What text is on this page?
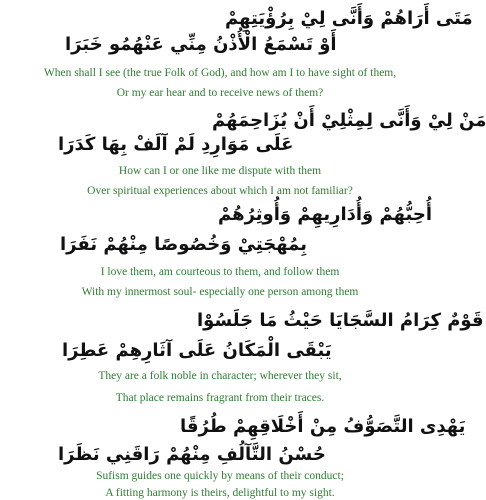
مَتَى أَرَاهُمْ وَأَنَّى لِيْ بِرُؤْيَتِهِمْ
أَوْ تَسْمَعُ الْأُذْنُ مِنِّي عَنْهُمُو خَبَرَا
When shall I see (the true Folk of God), and how am I to have sight of them,
Or my ear hear and to receive news of them?
مَنْ لِيْ وَأَنَّى لِمِثْلِيْ أَنْ يُزَاحِمَهُمْ
عَلَى مَوَارِدِ لَمْ آلَفْ بِهَا كَدَرَا
How can I or one like me dispute with them
Over spiritual experiences about which I am not familiar?
أُحِبُّهُمْ وَأُدَارِيهِمْ وَأُوثِرُهُمْ
بِمُهْجَتِيْ وَخُصُوصًا مِنْهُمْ نَفَرَا
I love them, am courteous to them, and follow them
With my innermost soul- especially one person among them
قَوْمٌ كِرَامُ السَّجَايَا حَيْثُ مَا جَلَسُوْا
يَبْقَى الْمَكَانُ عَلَى آثَارِهِمْ عَطِرَا
They are a folk noble in character; wherever they sit,
That place remains fragrant from their traces.
يَهْدِى التَّصَوُّفُ مِنْ أَخْلَاقِهِمْ طُرُقًا
حُسْنُ التَّآلُفِ مِنْهُمْ رَاقَنِي نَظَرَا
Sufism guides one quickly by means of their conduct;
A fitting harmony is theirs, delightful to my sight.
